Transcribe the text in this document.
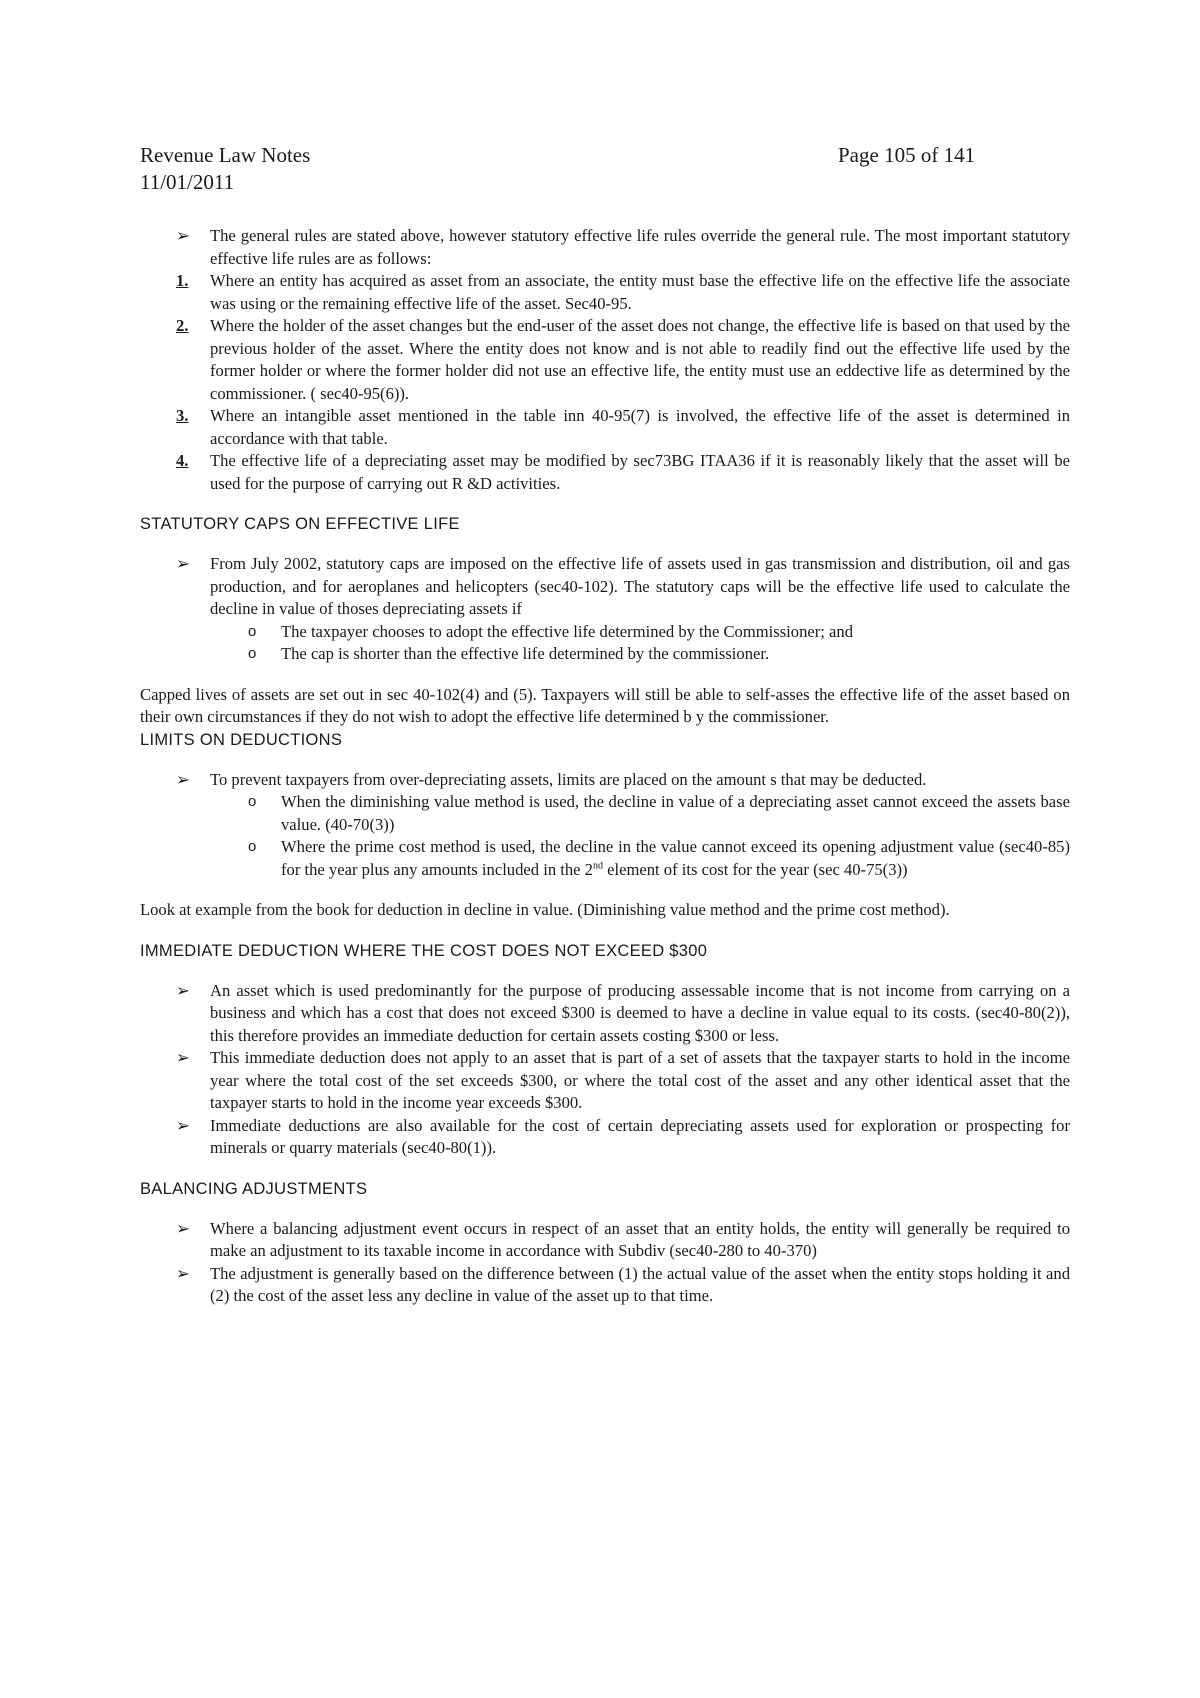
Revenue Law Notes
11/01/2011
Page 105 of 141
➢ The general rules are stated above, however statutory effective life rules override the general rule. The most important statutory effective life rules are as follows:
1. Where an entity has acquired as asset from an associate, the entity must base the effective life on the effective life the associate was using or the remaining effective life of the asset. Sec40-95.
2. Where the holder of the asset changes but the end-user of the asset does not change, the effective life is based on that used by the previous holder of the asset. Where the entity does not know and is not able to readily find out the effective life used by the former holder or where the former holder did not use an effective life, the entity must use an eddective life as determined by the commissioner. ( sec40-95(6)).
3. Where an intangible asset mentioned in the table inn 40-95(7) is involved, the effective life of the asset is determined in accordance with that table.
4. The effective life of a depreciating asset may be modified by sec73BG ITAA36 if it is reasonably likely that the asset will be used for the purpose of carrying out R &D activities.
STATUTORY CAPS ON EFFECTIVE LIFE
➢ From July 2002, statutory caps are imposed on the effective life of assets used in gas transmission and distribution, oil and gas production, and for aeroplanes and helicopters (sec40-102). The statutory caps will be the effective life used to calculate the decline in value of thoses depreciating assets if
o The taxpayer chooses to adopt the effective life determined by the Commissioner; and
o The cap is shorter than the effective life determined by the commissioner.

Capped lives of assets are set out in sec 40-102(4) and (5). Taxpayers will still be able to self-asses the effective life of the asset based on their own circumstances if they do not wish to adopt the effective life determined b y the commissioner.

LIMITS ON DEDUCTIONS
➢ To prevent taxpayers from over-depreciating assets, limits are placed on the amount s that may be deducted.
o When the diminishing value method is used, the decline in value of a depreciating asset cannot exceed the assets base value. (40-70(3))
o Where the prime cost method is used, the decline in the value cannot exceed its opening adjustment value (sec40-85) for the year plus any amounts included in the 2nd element of its cost for the year (sec 40-75(3))

Look at example from the book for deduction in decline in value. (Diminishing value method and the prime cost method).

IMMEDIATE DEDUCTION WHERE THE COST DOES NOT EXCEED $300
➢ An asset which is used predominantly for the purpose of producing assessable income that is not income from carrying on a business and which has a cost that does not exceed $300 is deemed to have a decline in value equal to its costs. (sec40-80(2)), this therefore provides an immediate deduction for certain assets costing $300 or less.
➢ This immediate deduction does not apply to an asset that is part of a set of assets that the taxpayer starts to hold in the income year where the total cost of the set exceeds $300, or where the total cost of the asset and any other identical asset that the taxpayer starts to hold in the income year exceeds $300.
➢ Immediate deductions are also available for the cost of certain depreciating assets used for exploration or prospecting for minerals or quarry materials (sec40-80(1)).
BALANCING ADJUSTMENTS
➢ Where a balancing adjustment event occurs in respect of an asset that an entity holds, the entity will generally be required to make an adjustment to its taxable income in accordance with Subdiv (sec40-280 to 40-370)
➢ The adjustment is generally based on the difference between (1) the actual value of the asset when the entity stops holding it and (2) the cost of the asset less any decline in value of the asset up to that time.
